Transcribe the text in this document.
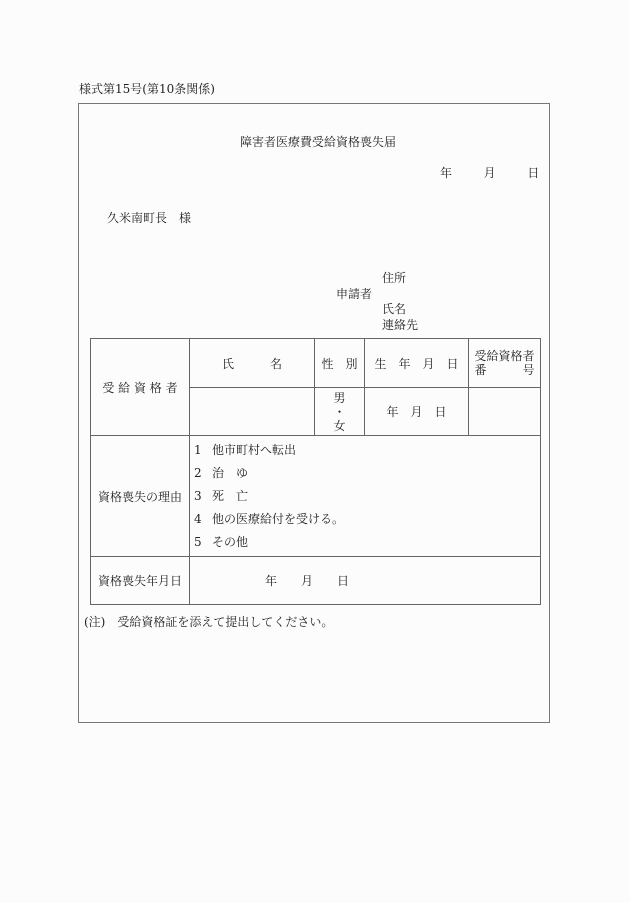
様式第15号(第10条関係)
障害者医療費受給資格喪失届
年	月	日
久米南町長　様
申請者
住所
氏名
連絡先
受 給 資 格 者	氏　　　名	性　別	生　年　月　日	受給資格者
番　　　号

		男
・
女	年　月　日	
資格喪失の理由	1 他市町村へ転出
2 治　ゆ
3 死　亡
4 他の医療給付を受ける。
5 その他			

資格喪失年月日	年　　月　　日			
(注)　受給資格証を添えて提出してください。
